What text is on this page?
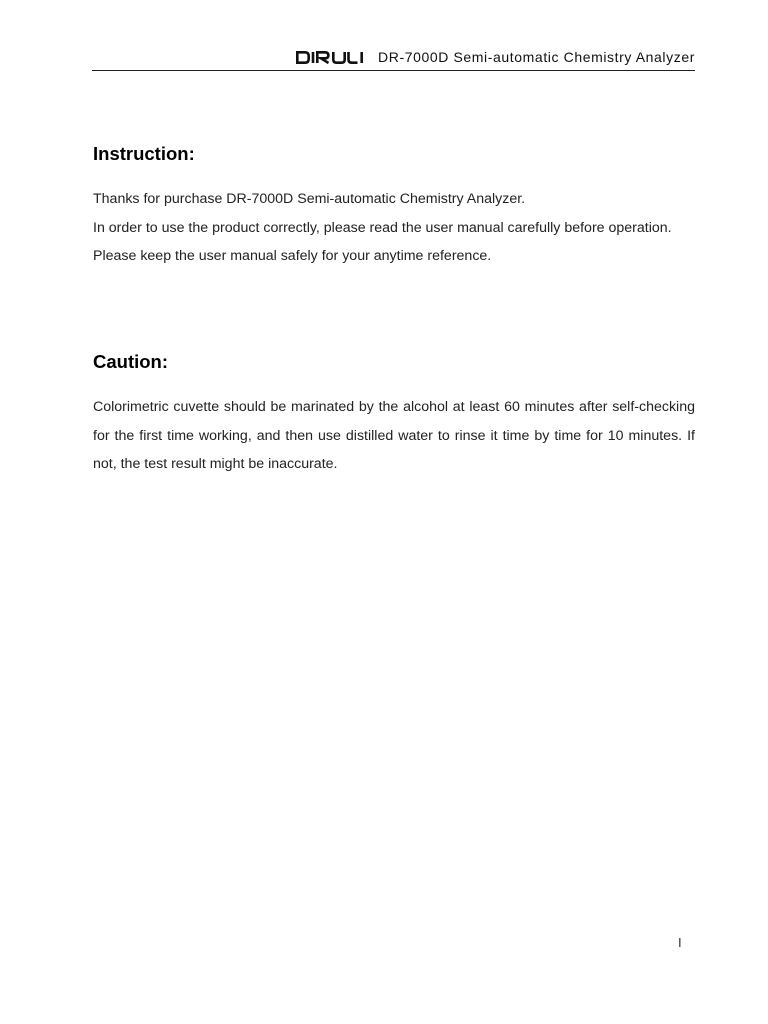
DR-7000D Semi-automatic Chemistry Analyzer
Instruction:

Thanks for purchase DR-7000D Semi-automatic Chemistry Analyzer.

In order to use the product correctly, please read the user manual carefully before operation.

Please keep the user manual safely for your anytime reference.

Caution:

Colorimetric cuvette should be marinated by the alcohol at least 60 minutes after self-checking for the first time working, and then use distilled water to rinse it time by time for 10 minutes. If not, the test result might be inaccurate.

I
